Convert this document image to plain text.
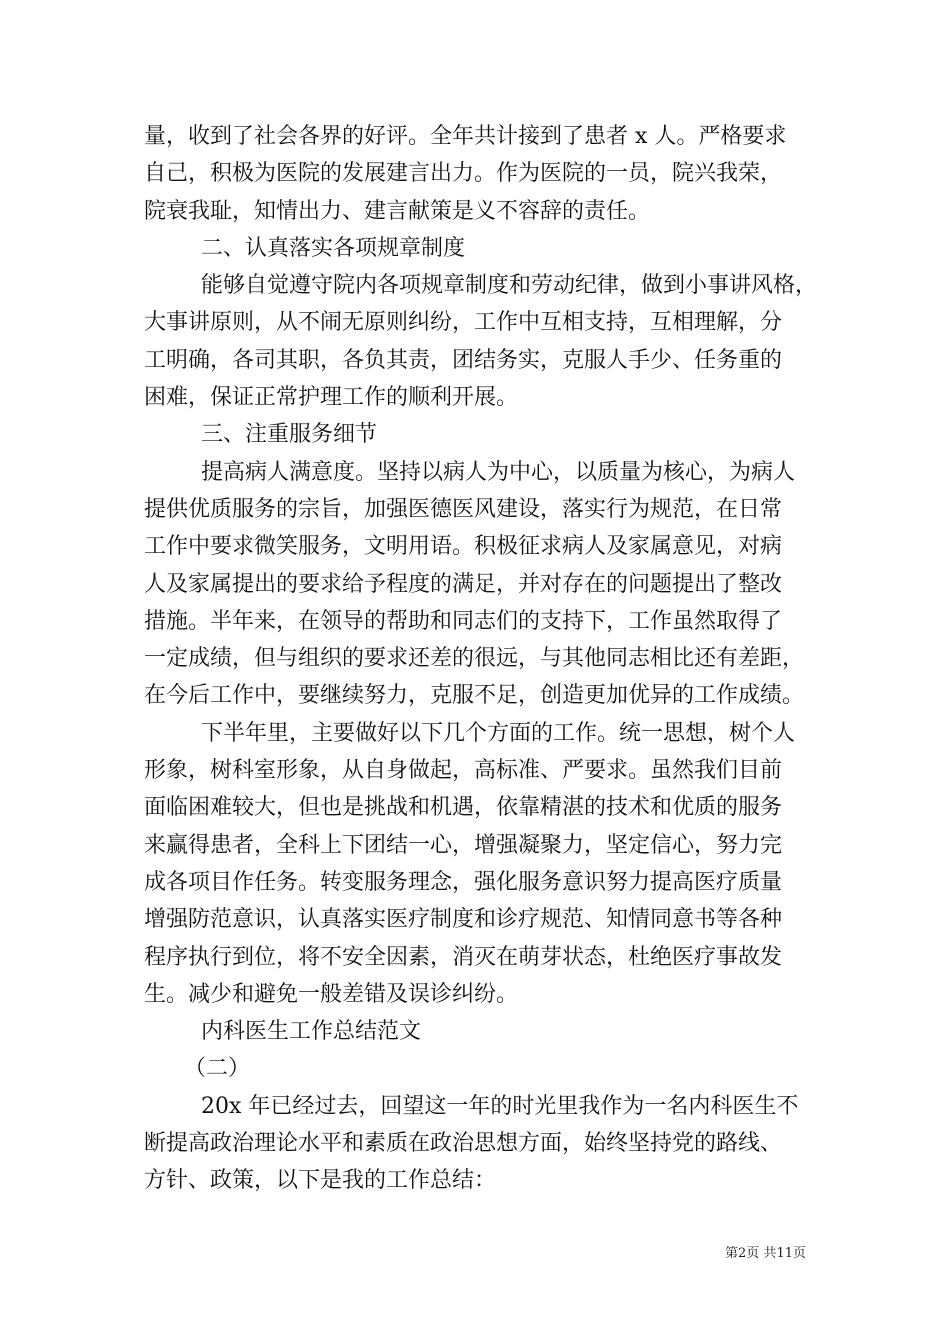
量，收到了社会各界的好评。全年共计接到了患者 x 人。严格要求
自己，积极为医院的发展建言出力。作为医院的一员，院兴我荣，
院衰我耻，知情出力、建言献策是义不容辞的责任。
二、认真落实各项规章制度
能够自觉遵守院内各项规章制度和劳动纪律，做到小事讲风格，
大事讲原则，从不闹无原则纠纷，工作中互相支持，互相理解，分
工明确，各司其职，各负其责，团结务实，克服人手少、任务重的
困难，保证正常护理工作的顺利开展。
三、注重服务细节
提高病人满意度。坚持以病人为中心，以质量为核心，为病人
提供优质服务的宗旨，加强医德医风建设，落实行为规范，在日常
工作中要求微笑服务，文明用语。积极征求病人及家属意见，对病
人及家属提出的要求给予程度的满足，并对存在的问题提出了整改
措施。半年来，在领导的帮助和同志们的支持下，工作虽然取得了
一定成绩，但与组织的要求还差的很远，与其他同志相比还有差距，
在今后工作中，要继续努力，克服不足，创造更加优异的工作成绩。
下半年里，主要做好以下几个方面的工作。统一思想，树个人
形象，树科室形象，从自身做起，高标准、严要求。虽然我们目前
面临困难较大，但也是挑战和机遇，依靠精湛的技术和优质的服务
来赢得患者，全科上下团结一心，增强凝聚力，坚定信心，努力完
成各项目作任务。转变服务理念，强化服务意识努力提高医疗质量
增强防范意识，认真落实医疗制度和诊疗规范、知情同意书等各种
程序执行到位，将不安全因素，消灭在萌芽状态，杜绝医疗事故发
生。减少和避免一般差错及误诊纠纷。
内科医生工作总结范文
（二）
20x 年已经过去，回望这一年的时光里我作为一名内科医生不
断提高政治理论水平和素质在政治思想方面，始终坚持党的路线、
方针、政策，以下是我的工作总结：
第2页 共11页
